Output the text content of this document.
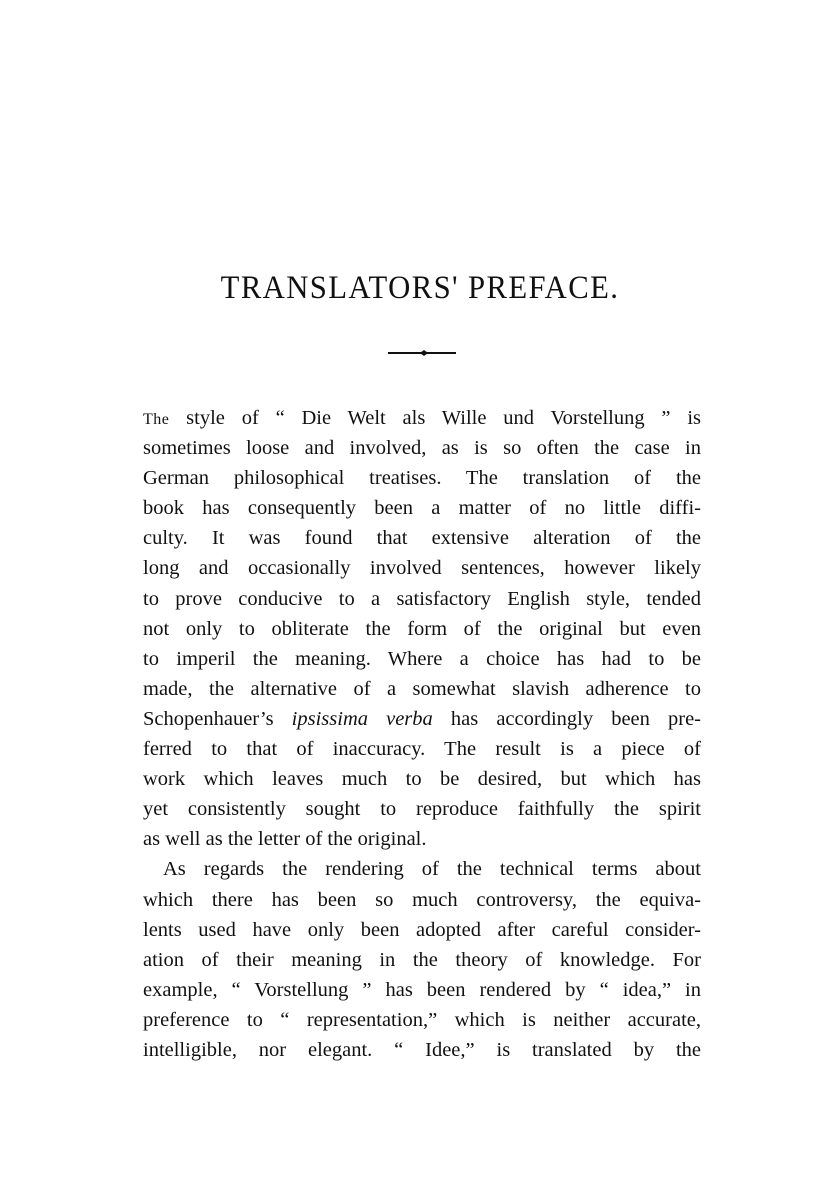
TRANSLATORS' PREFACE.
The style of “ Die Welt als Wille und Vorstellung ” is
sometimes loose and involved, as is so often the case in
German philosophical treatises. The translation of the
book has consequently been a matter of no little diffi-
culty. It was found that extensive alteration of the
long and occasionally involved sentences, however likely
to prove conducive to a satisfactory English style, tended
not only to obliterate the form of the original but even
to imperil the meaning. Where a choice has had to be
made, the alternative of a somewhat slavish adherence to
Schopenhauer’s ipsissima verba has accordingly been pre-
ferred to that of inaccuracy. The result is a piece of
work which leaves much to be desired, but which has
yet consistently sought to reproduce faithfully the spirit
as well as the letter of the original.
As regards the rendering of the technical terms about
which there has been so much controversy, the equiva-
lents used have only been adopted after careful consider-
ation of their meaning in the theory of knowledge. For
example, “ Vorstellung ” has been rendered by “ idea,” in
preference to “ representation,” which is neither accurate,
intelligible, nor elegant. “ Idee,” is translated by the
